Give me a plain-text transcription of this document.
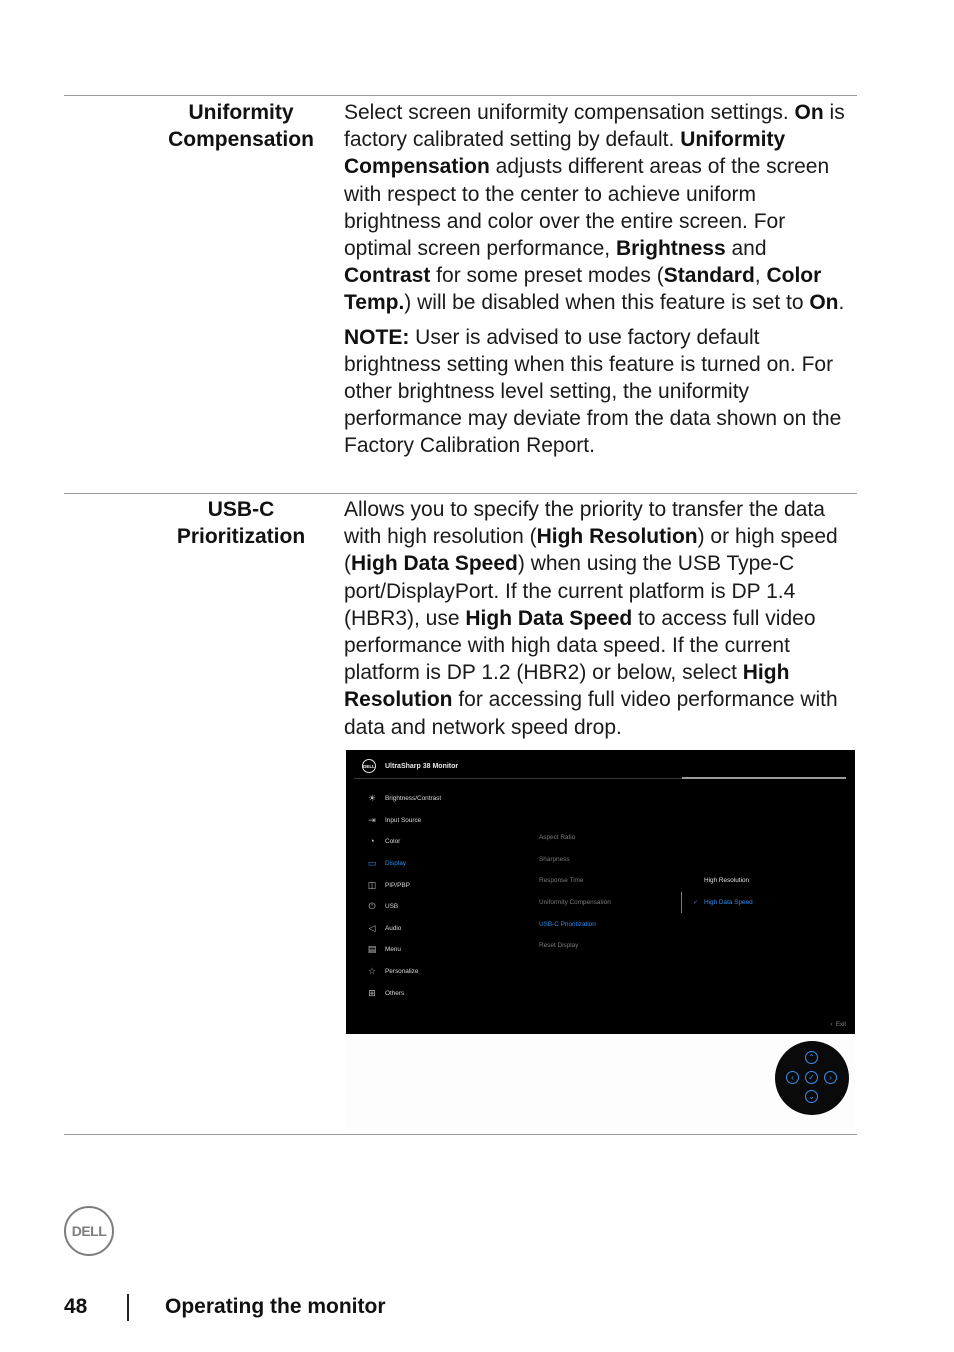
Uniformity
Compensation

Select screen uniformity compensation settings. On is factory calibrated setting by default. Uniformity Compensation adjusts different areas of the screen with respect to the center to achieve uniform brightness and color over the entire screen. For optimal screen performance, Brightness and Contrast for some preset modes (Standard, Color Temp.) will be disabled when this feature is set to On.

NOTE: User is advised to use factory default brightness setting when this feature is turned on. For other brightness level setting, the uniformity performance may deviate from the data shown on the Factory Calibration Report.

USB-C
Prioritization

Allows you to specify the priority to transfer the data with high resolution (High Resolution) or high speed (High Data Speed) when using the USB Type-C port/DisplayPort. If the current platform is DP 1.4 (HBR3), use High Data Speed to access full video performance with high data speed. If the current platform is DP 1.2 (HBR2) or below, select High Resolution for accessing full video performance with data and network speed drop.

DELL UltraSharp 38 Monitor
☀	Brightness/Contrast
⇥	Input Source
◔	Color
▭ Display
◫ PIP/PBP
⏻	USB
◁	Audio
▤ Menu
☆	Personalize
⊞	Others
Aspect Ratio
Sharpness
Response Time
Uniformity Compensation
USB-C Prioritization
Reset Display
High Resolution
✓ High Data Speed
‹ Exit
⌃
‹	✓	›
⌄
DELL
48	Operating the monitor
